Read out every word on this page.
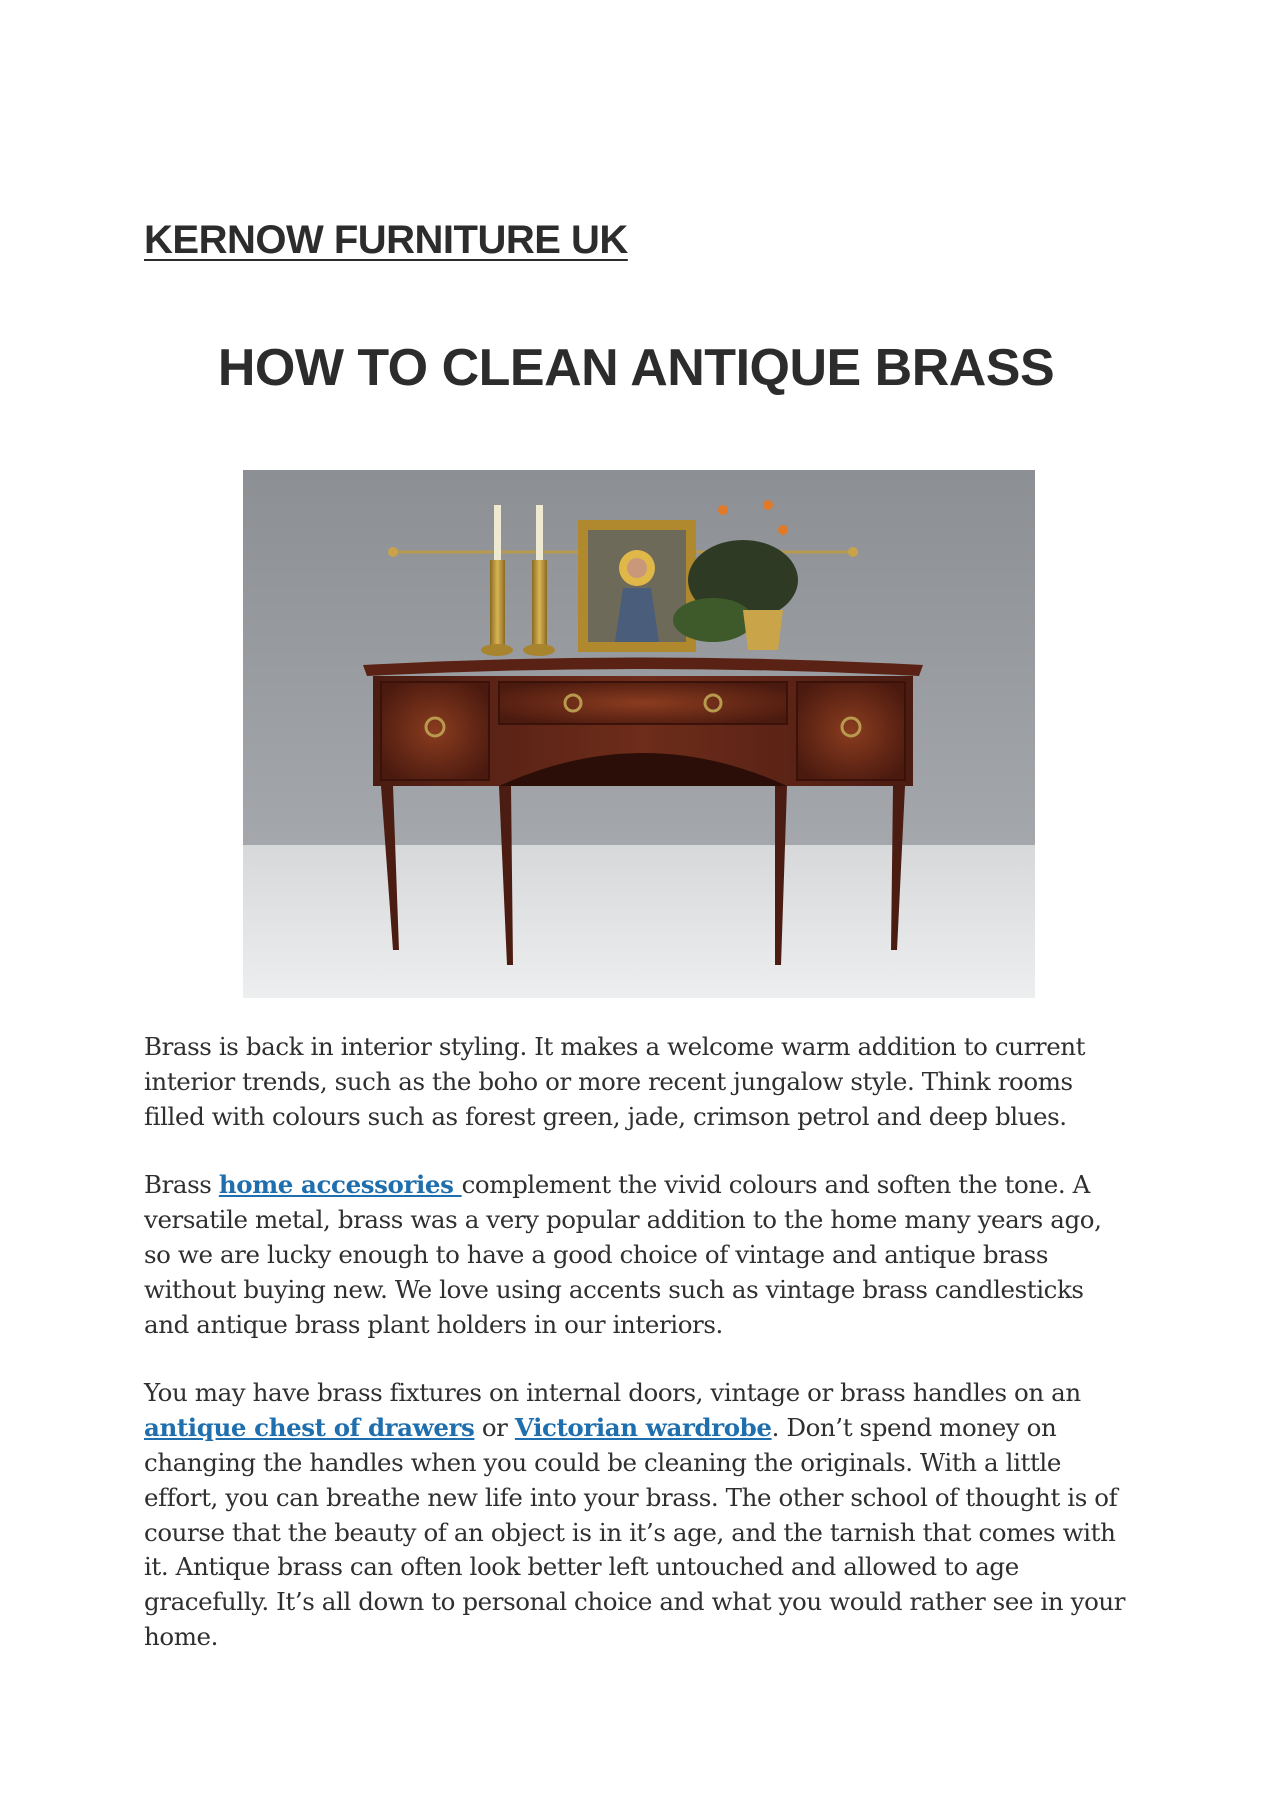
KERNOW FURNITURE UK
HOW TO CLEAN ANTIQUE BRASS

Brass is back in interior styling. It makes a welcome warm addition to current interior trends, such as the boho or more recent jungalow style. Think rooms filled with colours such as forest green, jade, crimson petrol and deep blues.

Brass home accessories complement the vivid colours and soften the tone. A versatile metal, brass was a very popular addition to the home many years ago, so we are lucky enough to have a good choice of vintage and antique brass without buying new. We love using accents such as vintage brass candlesticks and antique brass plant holders in our interiors.

You may have brass fixtures on internal doors, vintage or brass handles on an antique chest of drawers or Victorian wardrobe. Don’t spend money on changing the handles when you could be cleaning the originals. With a little effort, you can breathe new life into your brass. The other school of thought is of course that the beauty of an object is in it’s age, and the tarnish that comes with it. Antique brass can often look better left untouched and allowed to age gracefully. It’s all down to personal choice and what you would rather see in your home.
